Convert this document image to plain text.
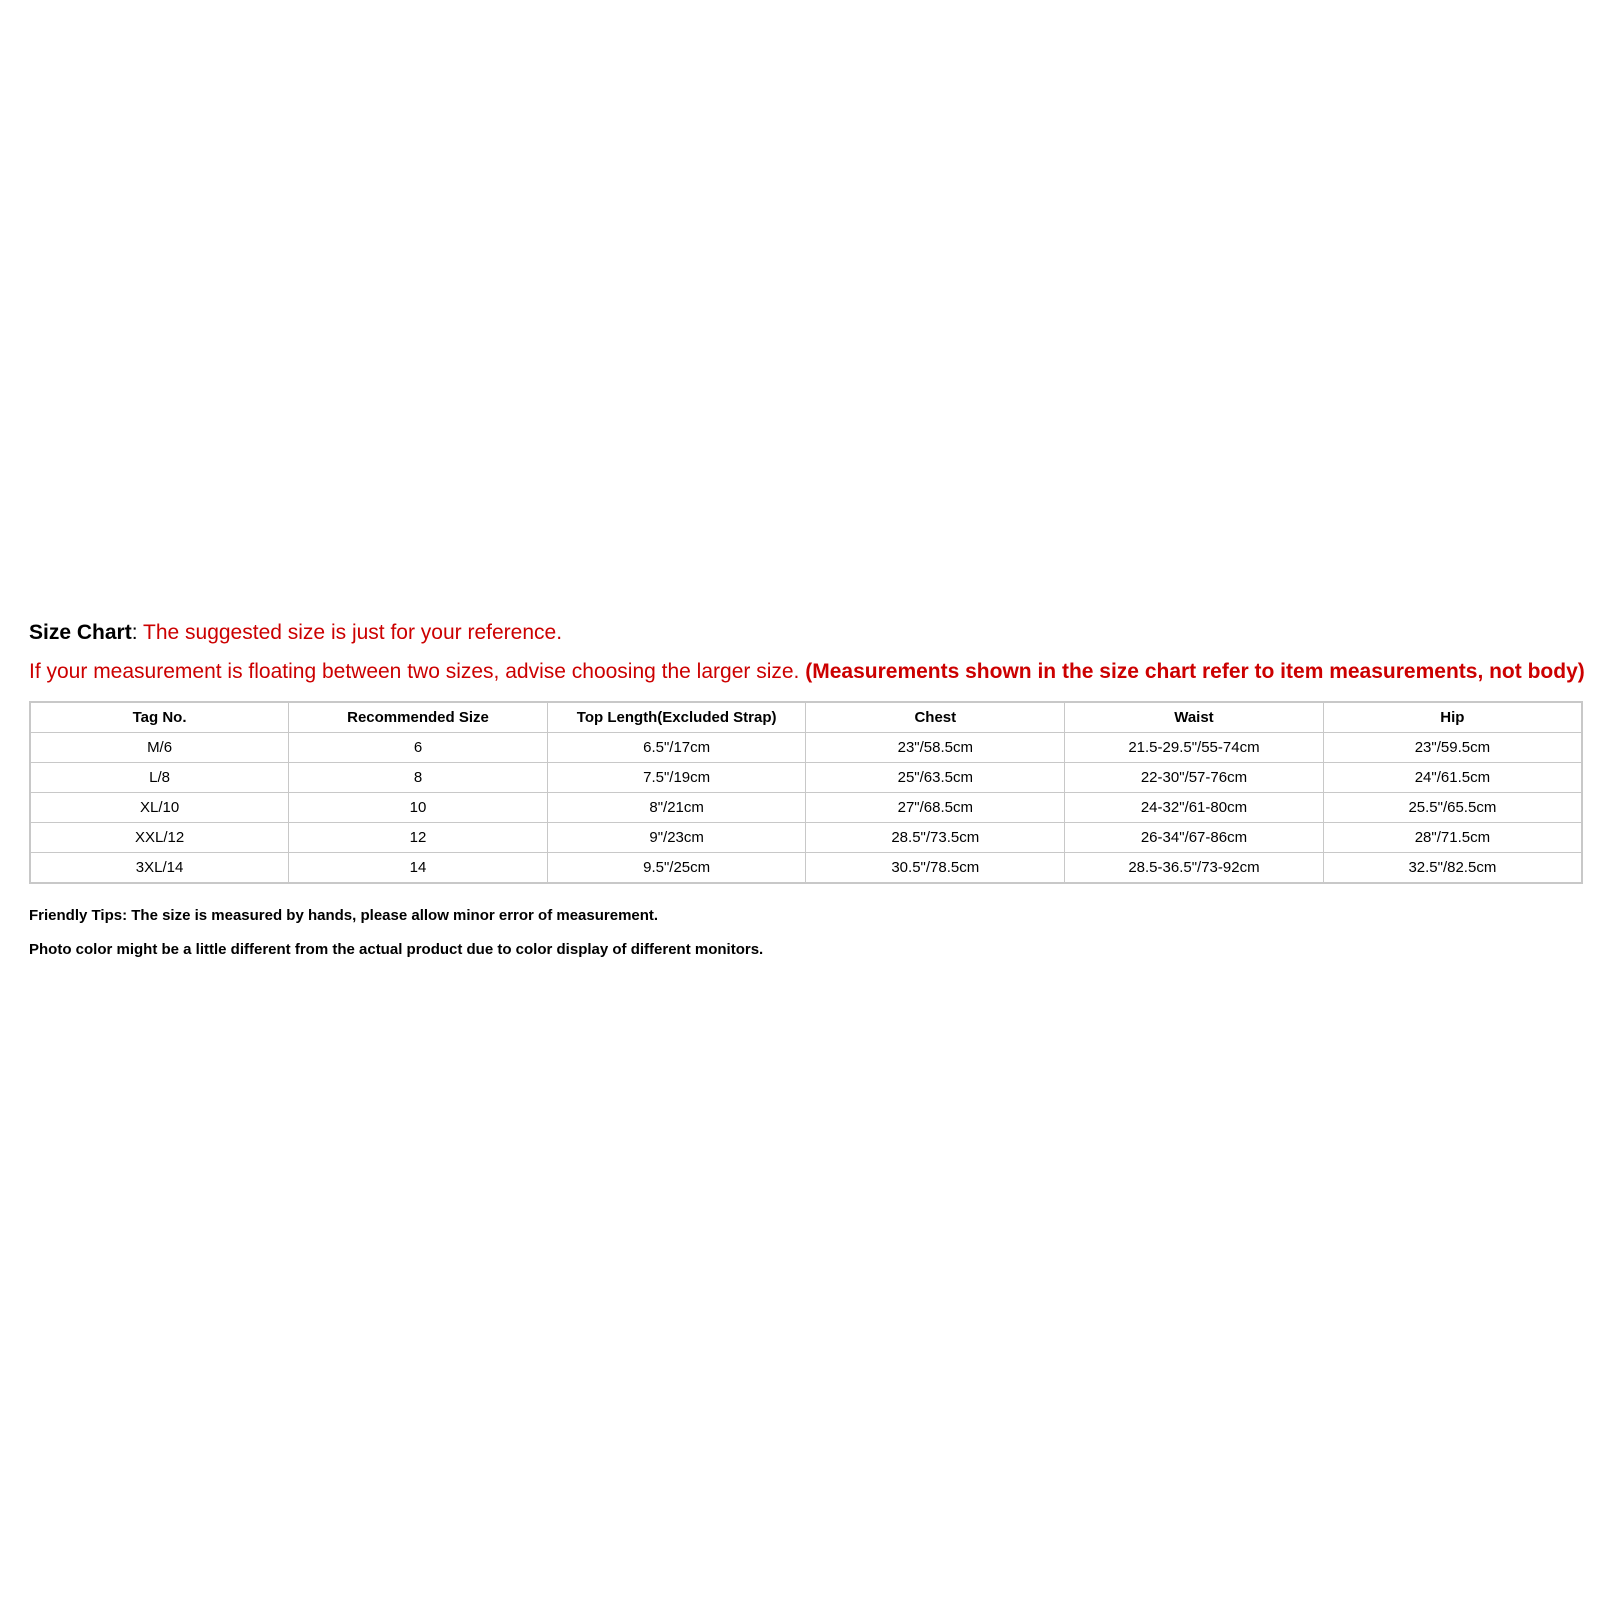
Size Chart: The suggested size is just for your reference.
If your measurement is floating between two sizes, advise choosing the larger size. (Measurements shown in the size chart refer to item measurements, not body)
Tag No.	Recommended Size	Top Length(Excluded Strap)	Chest	Waist	Hip
M/6	6	6.5"/17cm	23"/58.5cm	21.5-29.5"/55-74cm	23"/59.5cm
L/8	8	7.5"/19cm	25"/63.5cm	22-30"/57-76cm	24"/61.5cm
XL/10	10	8"/21cm	27"/68.5cm	24-32"/61-80cm	25.5"/65.5cm
XXL/12	12	9"/23cm	28.5"/73.5cm	26-34"/67-86cm	28"/71.5cm
3XL/14	14	9.5"/25cm	30.5"/78.5cm	28.5-36.5"/73-92cm	32.5"/82.5cm
Friendly Tips: The size is measured by hands, please allow minor error of measurement.
Photo color might be a little different from the actual product due to color display of different monitors.
